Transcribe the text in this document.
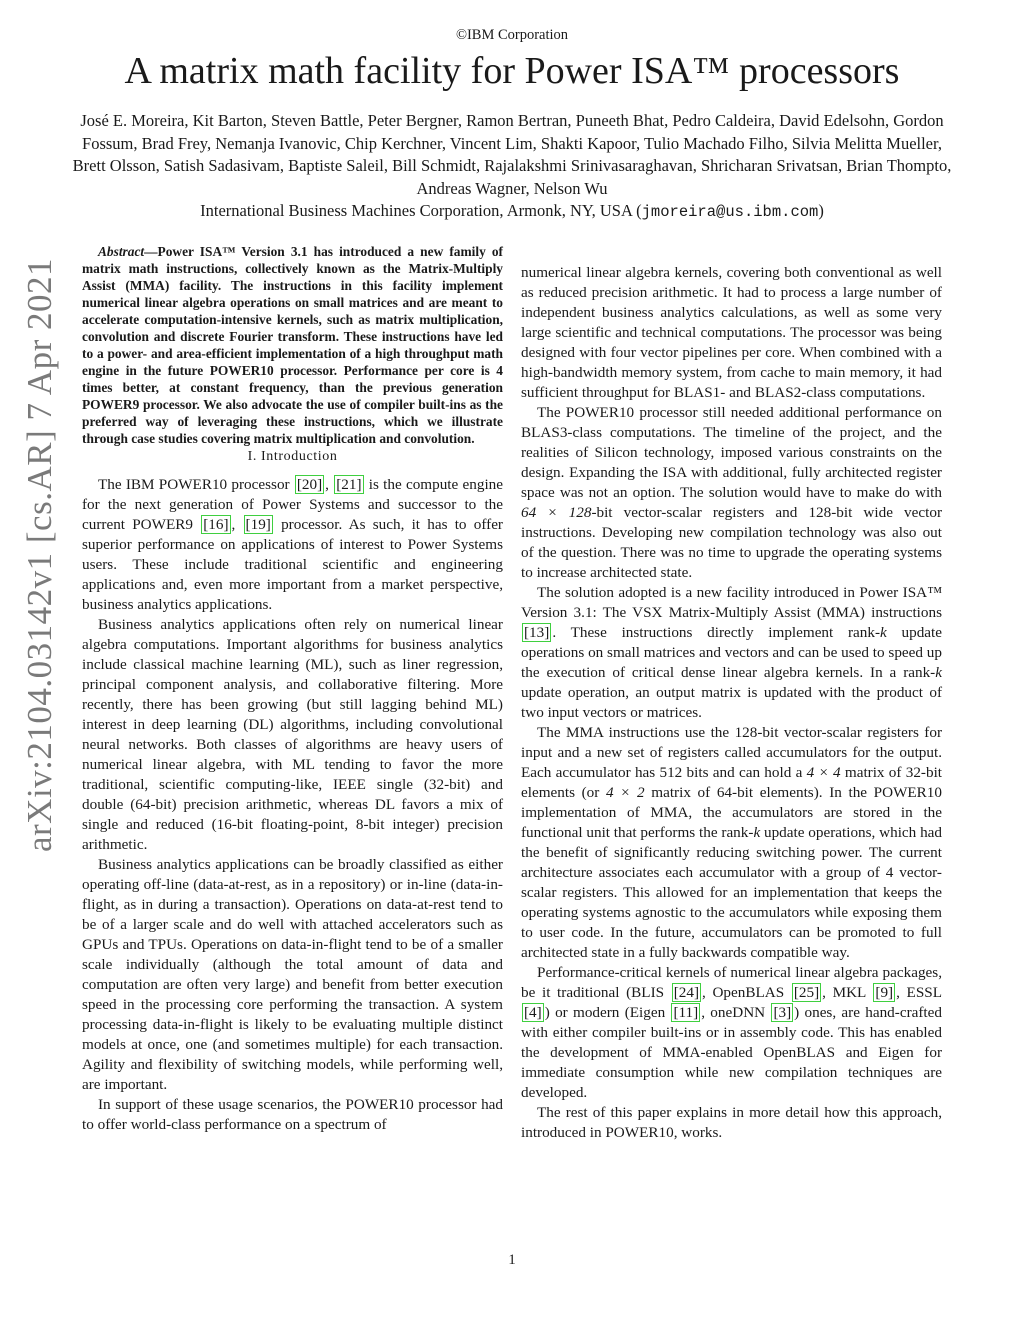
©IBM Corporation
A matrix math facility for Power ISA™ processors
José E. Moreira, Kit Barton, Steven Battle, Peter Bergner, Ramon Bertran, Puneeth Bhat, Pedro Caldeira, David Edelsohn, Gordon Fossum, Brad Frey, Nemanja Ivanovic, Chip Kerchner, Vincent Lim, Shakti Kapoor, Tulio Machado Filho, Silvia Melitta Mueller, Brett Olsson, Satish Sadasivam, Baptiste Saleil, Bill Schmidt, Rajalakshmi Srinivasaraghavan, Shricharan Srivatsan, Brian Thompto, Andreas Wagner, Nelson Wu
International Business Machines Corporation, Armonk, NY, USA (jmoreira@us.ibm.com)
arXiv:2104.03142v1 [cs.AR] 7 Apr 2021

Abstract—Power ISA™ Version 3.1 has introduced a new family of matrix math instructions, collectively known as the Matrix-Multiply Assist (MMA) facility. The instructions in this facility implement numerical linear algebra operations on small matrices and are meant to accelerate computation-intensive kernels, such as matrix multiplication, convolution and discrete Fourier transform. These instructions have led to a power- and area-efficient implementation of a high throughput math engine in the future POWER10 processor. Performance per core is 4 times better, at constant frequency, than the previous generation POWER9 processor. We also advocate the use of compiler built-ins as the preferred way of leveraging these instructions, which we illustrate through case studies covering matrix multiplication and convolution.

I. Introduction

The IBM POWER10 processor [20] , [21] is the compute engine for the next generation of Power Systems and successor to the current POWER9 [16] , [19] processor. As such, it has to offer superior performance on applications of interest to Power Systems users. These include traditional scientific and engineering applications and, even more important from a market perspective, business analytics applications.

Business analytics applications often rely on numerical linear algebra computations. Important algorithms for business analytics include classical machine learning (ML), such as liner regression, principal component analysis, and collaborative filtering. More recently, there has been growing (but still lagging behind ML) interest in deep learning (DL) algorithms, including convolutional neural networks. Both classes of algorithms are heavy users of numerical linear algebra, with ML tending to favor the more traditional, scientific computing-like, IEEE single (32-bit) and double (64-bit) precision arithmetic, whereas DL favors a mix of single and reduced (16-bit floating-point, 8-bit integer) precision arithmetic.

Business analytics applications can be broadly classified as either operating off-line (data-at-rest, as in a repository) or in-line (data-in-flight, as in during a transaction). Operations on data-at-rest tend to be of a larger scale and do well with attached accelerators such as GPUs and TPUs. Operations on data-in-flight tend to be of a smaller scale individually (although the total amount of data and computation are often very large) and benefit from better execution speed in the processing core performing the transaction. A system processing data-in-flight is likely to be evaluating multiple distinct models at once, one (and sometimes multiple) for each transaction. Agility and flexibility of switching models, while performing well, are important.

In support of these usage scenarios, the POWER10 processor had to offer world-class performance on a spectrum of

numerical linear algebra kernels, covering both conventional as well as reduced precision arithmetic. It had to process a large number of independent business analytics calculations, as well as some very large scientific and technical computations. The processor was being designed with four vector pipelines per core. When combined with a high-bandwidth memory system, from cache to main memory, it had sufficient throughput for BLAS1- and BLAS2-class computations.

The POWER10 processor still needed additional performance on BLAS3-class computations. The timeline of the project, and the realities of Silicon technology, imposed various constraints on the design. Expanding the ISA with additional, fully architected register space was not an option. The solution would have to make do with 64 × 128-bit vector-scalar registers and 128-bit wide vector instructions. Developing new compilation technology was also out of the question. There was no time to upgrade the operating systems to increase architected state.

The solution adopted is a new facility introduced in Power ISA™ Version 3.1: The VSX Matrix-Multiply Assist (MMA) instructions [13] . These instructions directly implement rank-k update operations on small matrices and vectors and can be used to speed up the execution of critical dense linear algebra kernels. In a rank-k update operation, an output matrix is updated with the product of two input vectors or matrices.

The MMA instructions use the 128-bit vector-scalar registers for input and a new set of registers called accumulators for the output. Each accumulator has 512 bits and can hold a 4 × 4 matrix of 32-bit elements (or 4 × 2 matrix of 64-bit elements). In the POWER10 implementation of MMA, the accumulators are stored in the functional unit that performs the rank-k update operations, which had the benefit of significantly reducing switching power. The current architecture associates each accumulator with a group of 4 vector-scalar registers. This allowed for an implementation that keeps the operating systems agnostic to the accumulators while exposing them to user code. In the future, accumulators can be promoted to full architected state in a fully backwards compatible way.

Performance-critical kernels of numerical linear algebra packages, be it traditional (BLIS [24] , OpenBLAS [25] , MKL [9] , ESSL [4] ) or modern (Eigen [11] , oneDNN [3] ) ones, are hand-crafted with either compiler built-ins or in assembly code. This has enabled the development of MMA-enabled OpenBLAS and Eigen for immediate consumption while new compilation techniques are developed.

The rest of this paper explains in more detail how this approach, introduced in POWER10, works.

1
